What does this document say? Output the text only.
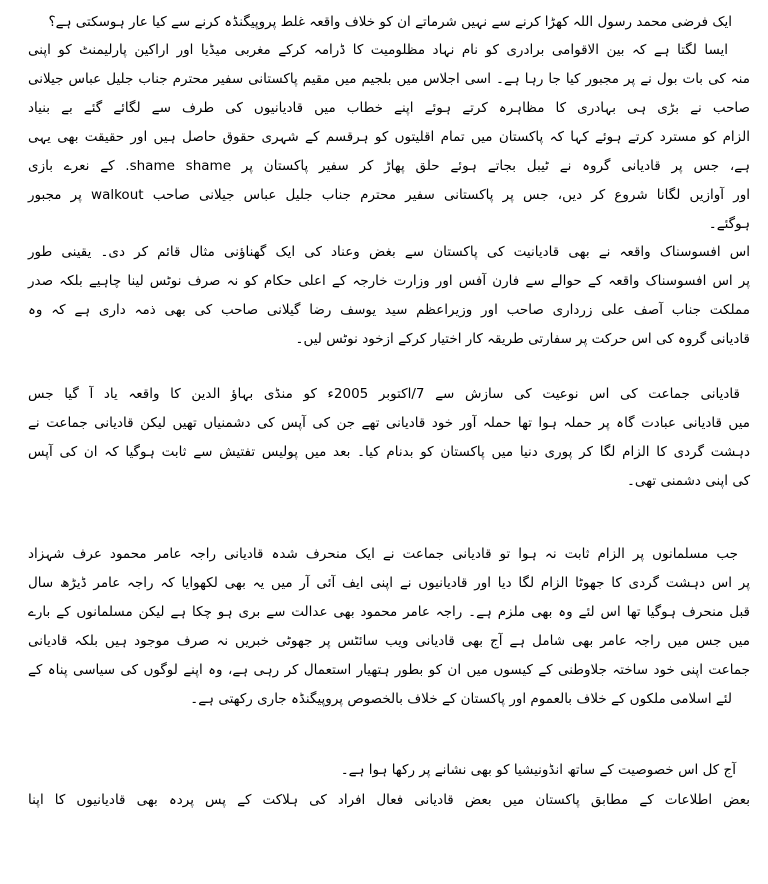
ایک فرضی محمد رسول اللہ کھڑا کرنے سے نہیں شرماتے ان کو خلاف واقعہ غلط پروپیگنڈہ کرنے سے کیا عار ہوسکتی ہے؟
ایسا لگتا ہے کہ بین الاقوامی برادری کو نام نہاد مظلومیت کا ڈرامہ کرکے مغربی میڈیا اور اراکین پارلیمنٹ کو اپنی
منہ کی بات بول نے پر مجبور کیا جا رہا ہے۔ اسی اجلاس میں بلجیم میں مقیم پاکستانی سفیر محترم جناب جلیل عباس جیلانی
صاحب نے بڑی ہی بہادری کا مظاہرہ کرتے ہوئے اپنے خطاب میں قادیانیوں کی طرف سے لگائے گئے بے بنیاد
الزام کو مسترد کرتے ہوئے کہا کہ پاکستان میں تمام اقلیتوں کو ہرقسم کے شہری حقوق حاصل ہیں اور حقیقت بھی یہی
ہے، جس پر قادیانی گروہ نے ٹیبل بجاتے ہوئے حلق پھاڑ کر سفیر پاکستان پر shame shame. کے نعرے بازی
اور آوازیں لگانا شروع کر دیں، جس پر پاکستانی سفیر محترم جناب جلیل عباس جیلانی صاحب walkout پر مجبور
ہوگئے۔
اس افسوسناک واقعہ نے بھی قادیانیت کی پاکستان سے بغض وعناد کی ایک گھناؤنی مثال قائم کر دی۔ یقینی طور
پر اس افسوسناک واقعہ کے حوالے سے فارن آفس اور وزارت خارجہ کے اعلی حکام کو نہ صرف نوٹس لینا چاہیے بلکہ صدر
مملکت جناب آصف علی زرداری صاحب اور وزیراعظم سید یوسف رضا گیلانی صاحب کی بھی ذمہ داری ہے کہ وہ
قادیانی گروہ کی اس حرکت پر سفارتی طریقہ کار اختیار کرکے ازخود نوٹس لیں۔
قادیانی جماعت کی اس نوعیت کی سازش سے 7/اکتوبر 2005ء کو منڈی بہاؤ الدین کا واقعہ یاد آ گیا جس
میں قادیانی عبادت گاہ پر حملہ ہوا تھا حملہ آور خود قادیانی تھے جن کی آپس کی دشمنیاں تھیں لیکن قادیانی جماعت نے
دہشت گردی کا الزام لگا کر پوری دنیا میں پاکستان کو بدنام کیا۔ بعد میں پولیس تفتیش سے ثابت ہوگیا کہ ان کی آپس
کی اپنی دشمنی تھی۔
جب مسلمانوں پر الزام ثابت نہ ہوا تو قادیانی جماعت نے ایک منحرف شدہ قادیانی راجہ عامر محمود عرف شہزاد
پر اس دہشت گردی کا جھوٹا الزام لگا دیا اور قادیانیوں نے اپنی ایف آئی آر میں یہ بھی لکھوایا کہ راجہ عامر ڈیڑھ سال
قبل منحرف ہوگیا تھا اس لئے وہ بھی ملزم ہے۔ راجہ عامر محمود بھی عدالت سے بری ہو چکا ہے لیکن مسلمانوں کے بارے
میں جس میں راجہ عامر بھی شامل ہے آج بھی قادیانی ویب سائٹس پر جھوٹی خبریں نہ صرف موجود ہیں بلکہ قادیانی
جماعت اپنی خود ساختہ جلاوطنی کے کیسوں میں ان کو بطور ہتھیار استعمال کر رہی ہے، وہ اپنے لوگوں کی سیاسی پناہ کے
لئے اسلامی ملکوں کے خلاف بالعموم اور پاکستان کے خلاف بالخصوص پروپیگنڈہ جاری رکھتی ہے۔
آج کل اس خصوصیت کے ساتھ انڈونیشیا کو بھی نشانے پر رکھا ہوا ہے۔
بعض اطلاعات کے مطابق پاکستان میں بعض قادیانی فعال افراد کی ہلاکت کے پس پردہ بھی قادیانیوں کا اپنا
